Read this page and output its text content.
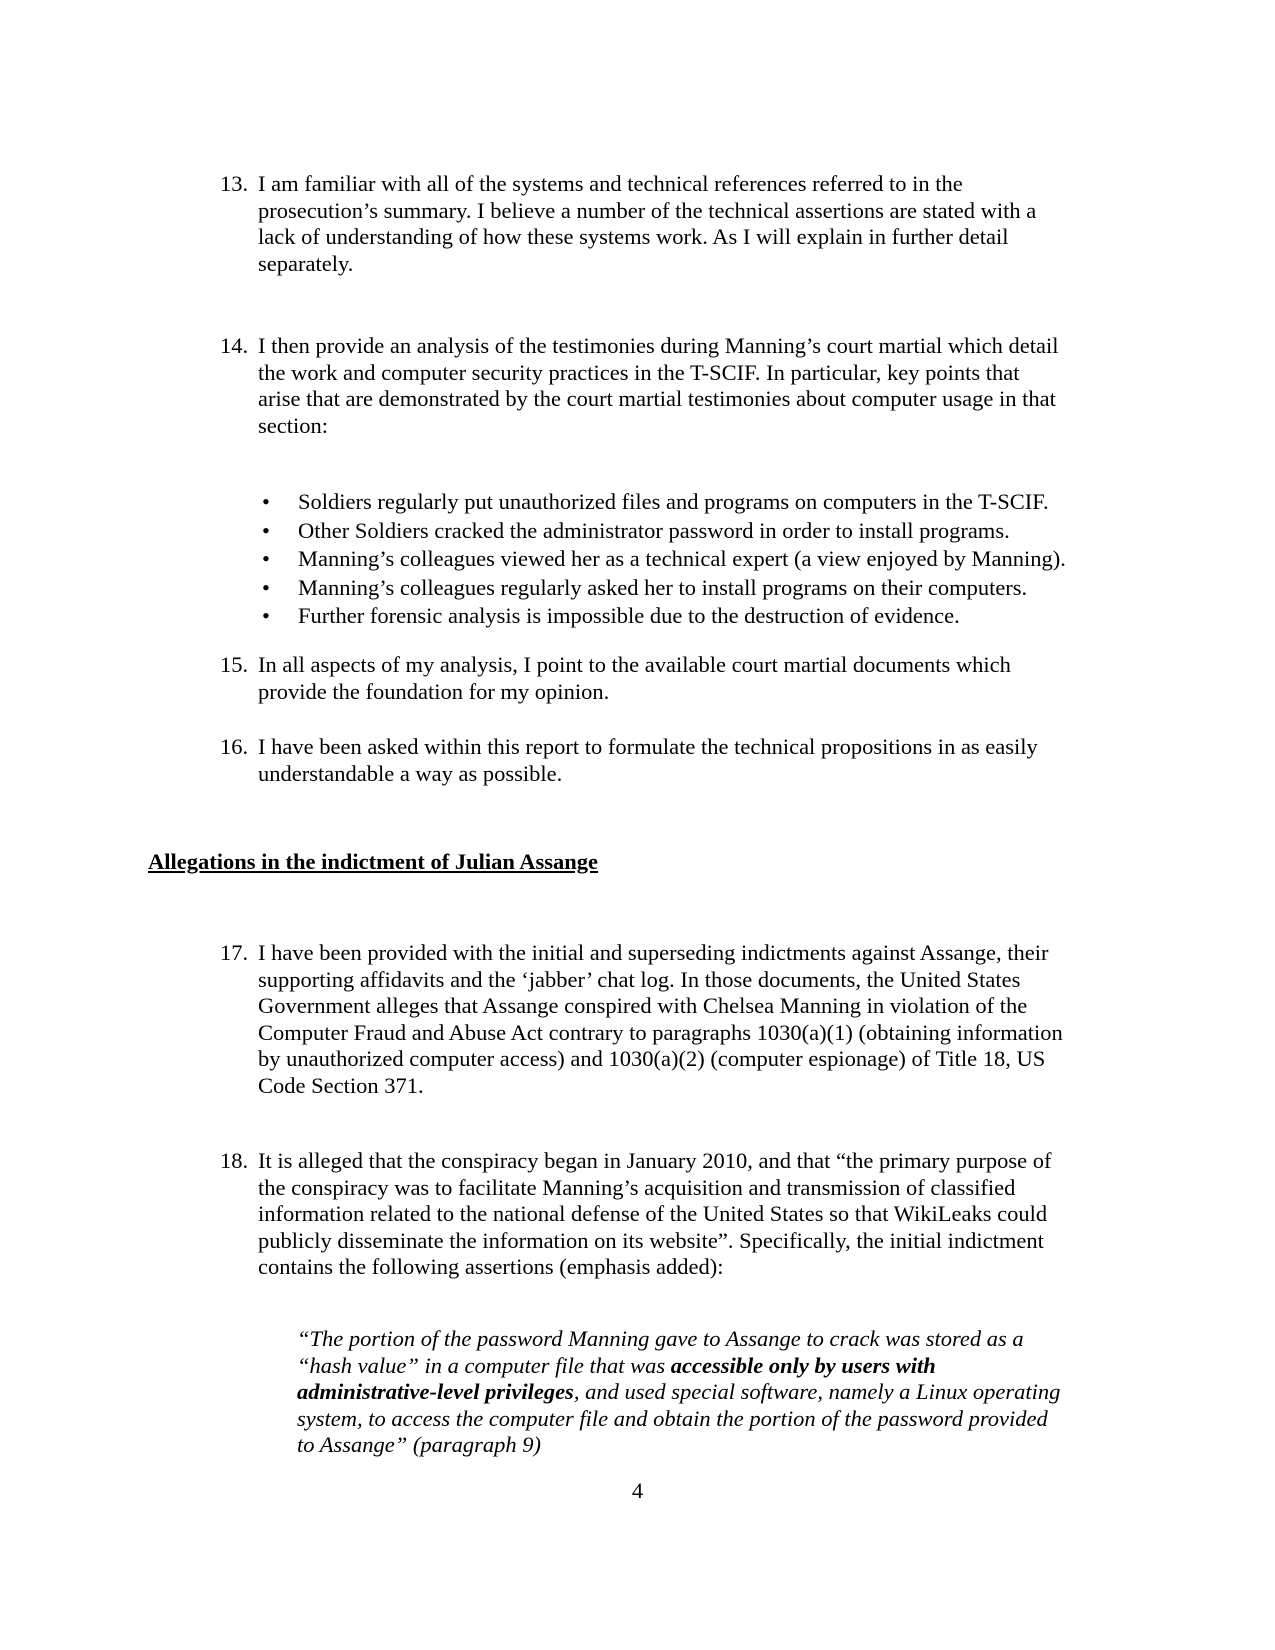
13. I am familiar with all of the systems and technical references referred to in the
prosecution’s summary. I believe a number of the technical assertions are stated with a
lack of understanding of how these systems work. As I will explain in further detail
separately.
14. I then provide an analysis of the testimonies during Manning’s court martial which detail
the work and computer security practices in the T-SCIF. In particular, key points that
arise that are demonstrated by the court martial testimonies about computer usage in that
section:
•	Soldiers regularly put unauthorized files and programs on computers in the T-SCIF.
•	Other Soldiers cracked the administrator password in order to install programs.
•	Manning’s colleagues viewed her as a technical expert (a view enjoyed by Manning).
•	Manning’s colleagues regularly asked her to install programs on their computers.
•	Further forensic analysis is impossible due to the destruction of evidence.
15. In all aspects of my analysis, I point to the available court martial documents which
provide the foundation for my opinion.
16. I have been asked within this report to formulate the technical propositions in as easily
understandable a way as possible.
Allegations in the indictment of Julian Assange
17. I have been provided with the initial and superseding indictments against Assange, their
supporting affidavits and the ‘jabber’ chat log. In those documents, the United States
Government alleges that Assange conspired with Chelsea Manning in violation of the
Computer Fraud and Abuse Act contrary to paragraphs 1030(a)(1) (obtaining information
by unauthorized computer access) and 1030(a)(2) (computer espionage) of Title 18, US
Code Section 371.
18. It is alleged that the conspiracy began in January 2010, and that “the primary purpose of
the conspiracy was to facilitate Manning’s acquisition and transmission of classified
information related to the national defense of the United States so that WikiLeaks could
publicly disseminate the information on its website”. Specifically, the initial indictment
contains the following assertions (emphasis added):
“The portion of the password Manning gave to Assange to crack was stored as a
“hash value” in a computer file that was accessible only by users with
administrative-level privileges, and used special software, namely a Linux operating
system, to access the computer file and obtain the portion of the password provided
to Assange” (paragraph 9)
4
